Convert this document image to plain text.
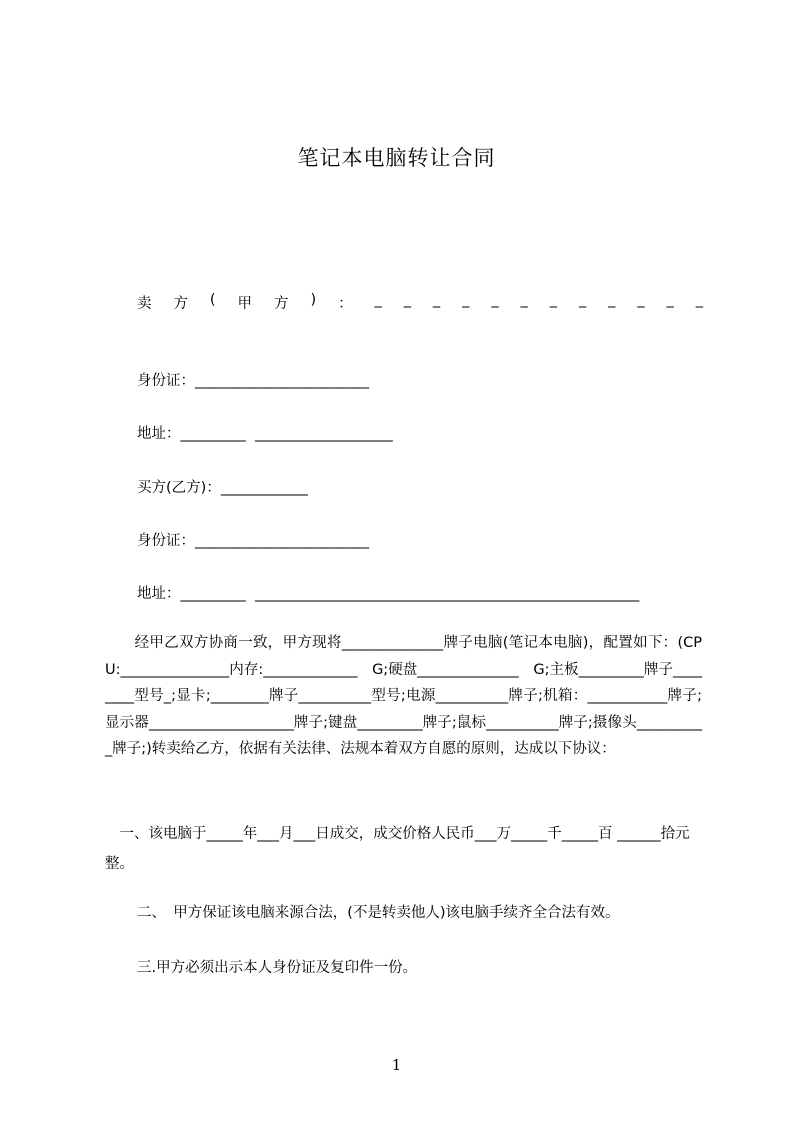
笔记本电脑转让合同
卖 方 ( 甲 方 ) ： _ _ _ _ _ _ _ _ _ _ _ _
身份证：________________________
地址：_________  ___________________
买方(乙方)：____________
身份证：________________________
地址：_________  _____________________________________________________
　　经甲乙双方协商一致，甲方现将______________牌子电脑(笔记本电脑)，配置如下：(CPU:_______________内存:_____________　G;硬盘______________　G;主板_________牌子________型号_;显卡;________牌子__________型号;电源__________牌子;机箱：___________牌子;显示器____________________牌子;键盘_________牌子;鼠标__________牌子;摄像头__________牌子;)转卖给乙方，依据有关法律、法规本着双方自愿的原则，达成以下协议：
　一、该电脑于_____年___月___日成交，成交价格人民币___万_____千_____百 ______拾元整。
二、　甲方保证该电脑来源合法，(不是转卖他人)该电脑手续齐全合法有效。
三.甲方必须出示本人身份证及复印件一份。
1
